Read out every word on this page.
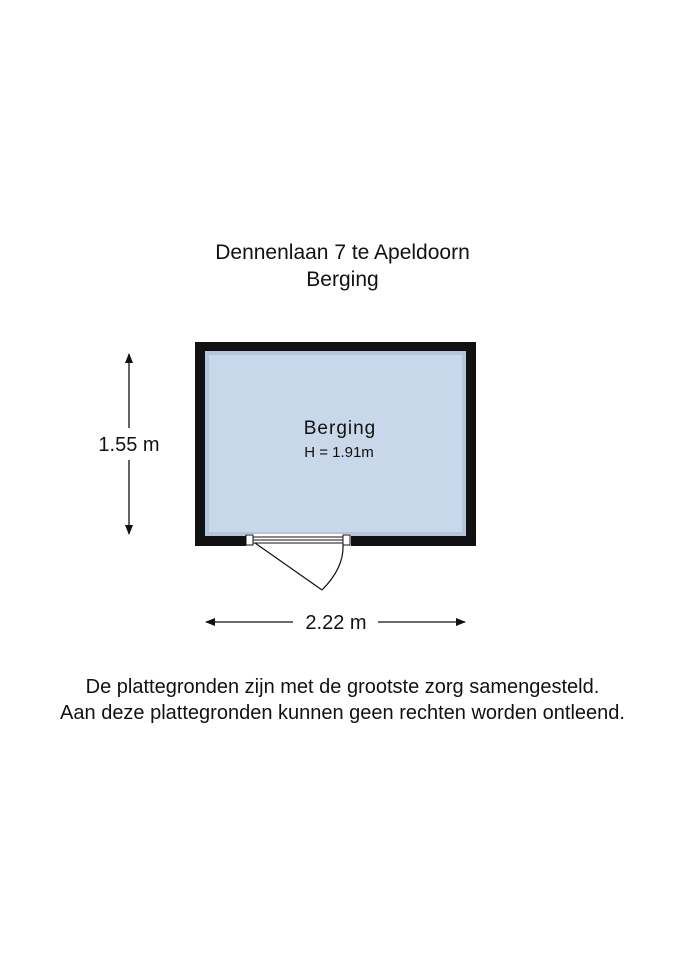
Dennenlaan 7 te Apeldoorn
Berging
Berging
H = 1.91m
1.55 m
2.22 m
De plattegronden zijn met de grootste zorg samengesteld.
Aan deze plattegronden kunnen geen rechten worden ontleend.
